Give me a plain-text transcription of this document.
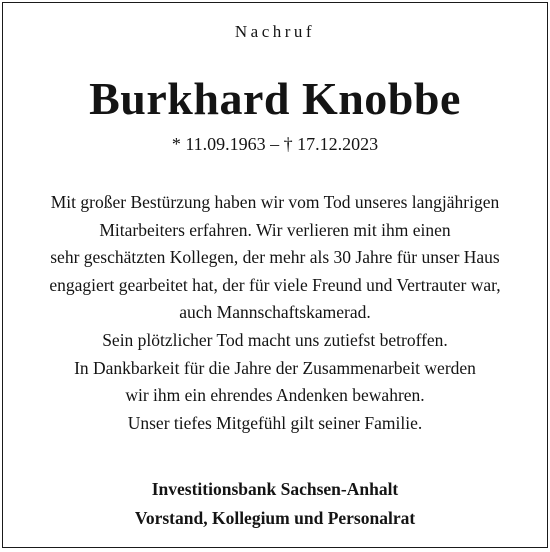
Nachruf
Burkhard Knobbe
* 11.09.1963 – † 17.12.2023
Mit großer Bestürzung haben wir vom Tod unseres langjährigen
Mitarbeiters erfahren. Wir verlieren mit ihm einen
sehr geschätzten Kollegen, der mehr als 30 Jahre für unser Haus
engagiert gearbeitet hat, der für viele Freund und Vertrauter war,
auch Mannschaftskamerad.
Sein plötzlicher Tod macht uns zutiefst betroffen.
In Dankbarkeit für die Jahre der Zusammenarbeit werden
wir ihm ein ehrendes Andenken bewahren.
Unser tiefes Mitgefühl gilt seiner Familie.
Investitionsbank Sachsen-Anhalt
Vorstand, Kollegium und Personalrat
